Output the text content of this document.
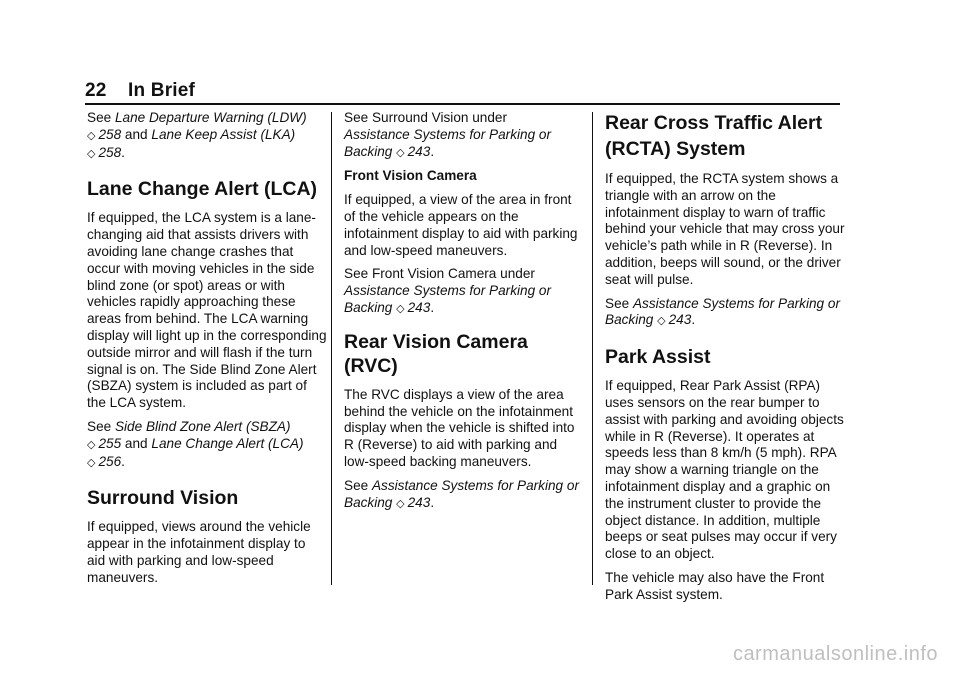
22 In Brief

See Lane Departure Warning (LDW)
◇ 258 and Lane Keep Assist (LKA)
◇ 258.

Lane Change Alert (LCA)

If equipped, the LCA system is a lane-changing aid that assists drivers with avoiding lane change crashes that occur with moving vehicles in the side blind zone (or spot) areas or with vehicles rapidly approaching these areas from behind. The LCA warning display will light up in the corresponding outside mirror and will flash if the turn signal is on. The Side Blind Zone Alert (SBZA) system is included as part of the LCA system.

See Side Blind Zone Alert (SBZA)
◇ 255 and Lane Change Alert (LCA)
◇ 256.

Surround Vision

If equipped, views around the vehicle appear in the infotainment display to aid with parking and low-speed maneuvers.

See Surround Vision under
Assistance Systems for Parking or Backing ◇ 243.

Front Vision Camera

If equipped, a view of the area in front of the vehicle appears on the infotainment display to aid with parking and low-speed maneuvers.

See Front Vision Camera under
Assistance Systems for Parking or Backing ◇ 243.

Rear Vision Camera (RVC)

The RVC displays a view of the area behind the vehicle on the infotainment display when the vehicle is shifted into R (Reverse) to aid with parking and low-speed backing maneuvers.

See Assistance Systems for Parking or Backing ◇ 243.

Rear Cross Traffic Alert (RCTA) System

If equipped, the RCTA system shows a triangle with an arrow on the infotainment display to warn of traffic behind your vehicle that may cross your vehicle’s path while in R (Reverse). In addition, beeps will sound, or the driver seat will pulse.

See Assistance Systems for Parking or Backing ◇ 243.

Park Assist

If equipped, Rear Park Assist (RPA) uses sensors on the rear bumper to assist with parking and avoiding objects while in R (Reverse). It operates at speeds less than 8 km/h (5 mph). RPA may show a warning triangle on the infotainment display and a graphic on the instrument cluster to provide the object distance. In addition, multiple beeps or seat pulses may occur if very close to an object.

The vehicle may also have the Front Park Assist system.

carmanualsonline.info
